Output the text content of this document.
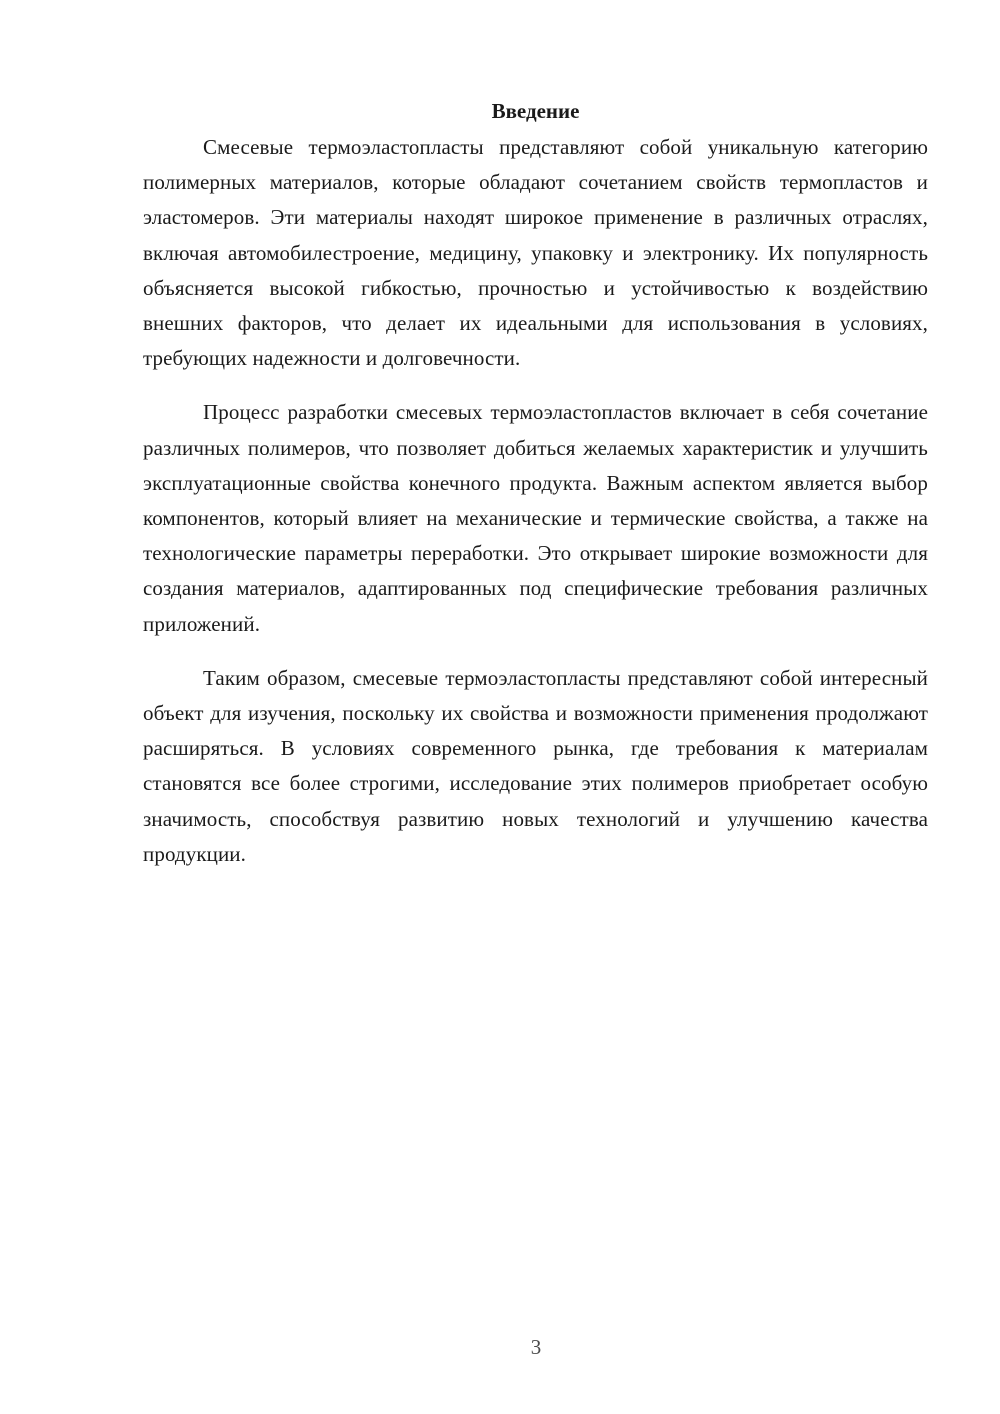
Введение

Смесевые термоэластопласты представляют собой уникальную категорию полимерных материалов, которые обладают сочетанием свойств термопластов и эластомеров. Эти материалы находят широкое применение в различных отраслях, включая автомобилестроение, медицину, упаковку и электронику. Их популярность объясняется высокой гибкостью, прочностью и устойчивостью к воздействию внешних факторов, что делает их идеальными для использования в условиях, требующих надежности и долговечности.

Процесс разработки смесевых термоэластопластов включает в себя сочетание различных полимеров, что позволяет добиться желаемых характеристик и улучшить эксплуатационные свойства конечного продукта. Важным аспектом является выбор компонентов, который влияет на механические и термические свойства, а также на технологические параметры переработки. Это открывает широкие возможности для создания материалов, адаптированных под специфические требования различных приложений.

Таким образом, смесевые термоэластопласты представляют собой интересный объект для изучения, поскольку их свойства и возможности применения продолжают расширяться. В условиях современного рынка, где требования к материалам становятся все более строгими, исследование этих полимеров приобретает особую значимость, способствуя развитию новых технологий и улучшению качества продукции.

3
